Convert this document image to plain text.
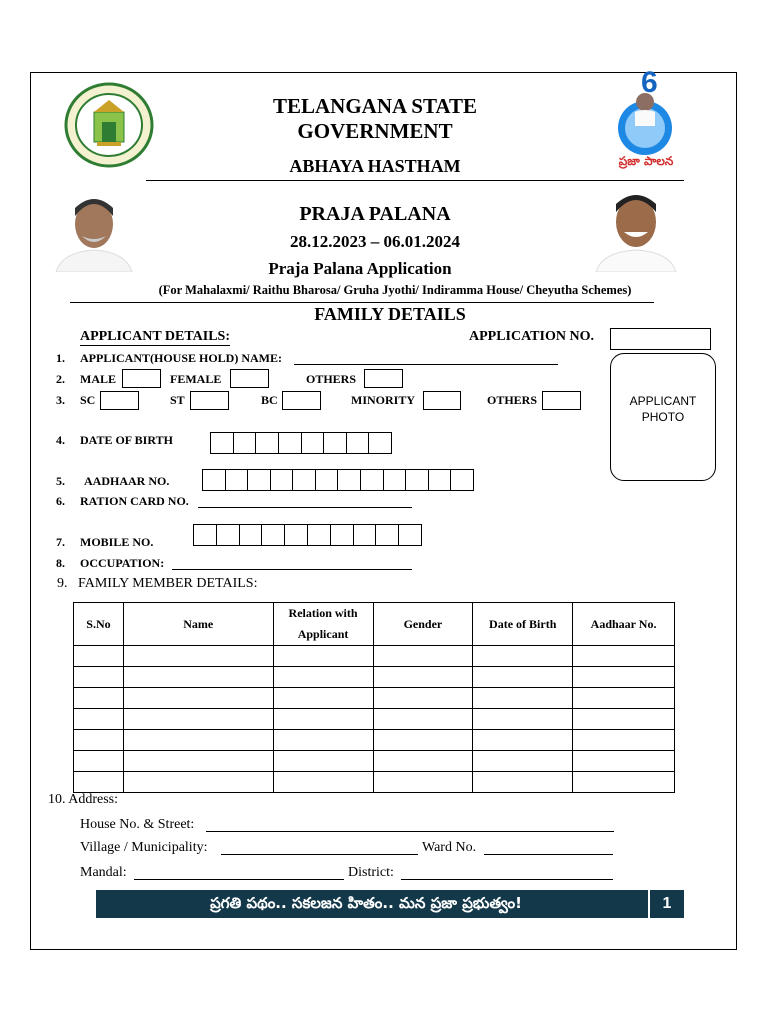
6
ప్రజా పాలన
TELANGANA STATE
GOVERNMENT
ABHAYA HASTHAM
PRAJA PALANA
28.12.2023 – 06.01.2024
Praja Palana Application
(For Mahalaxmi/ Raithu Bharosa/ Gruha Jyothi/ Indiramma House/ Cheyutha Schemes)
FAMILY DETAILS
APPLICANT DETAILS:	APPLICATION NO.
APPLICANT
PHOTO
1. APPLICANT(HOUSE HOLD) NAME:
2. MALE	FEMALE	OTHERS
3. SC	ST	BC	MINORITY	OTHERS
4. DATE OF BIRTH
5. AADHAAR NO.
6. RATION CARD NO.
7. MOBILE NO.
8. OCCUPATION:
9.   FAMILY MEMBER DETAILS:
S.No	Name	Relation with Applicant	Gender	Date of Birth	Aadhaar No.

10. Address:
House No. & Street:
Village / Municipality:	Ward No.
Mandal:	District:
ప్రగతి పథం.. సకలజన హితం.. మన ప్రజా ప్రభుత్వం!	1
